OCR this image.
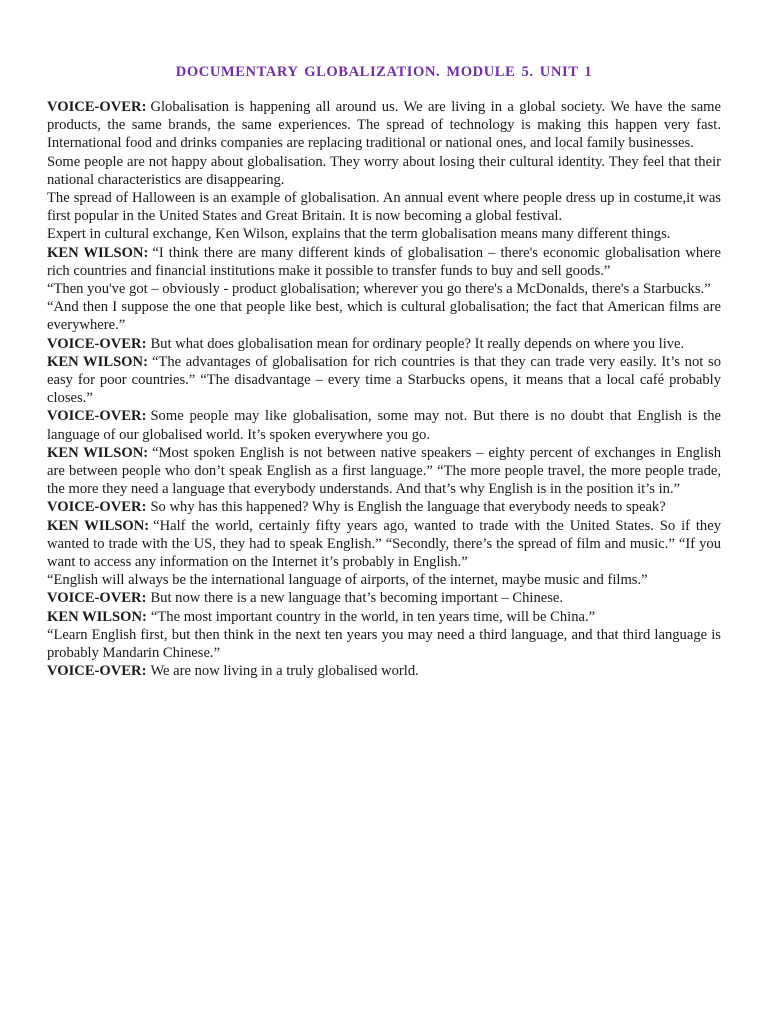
DOCUMENTARY GLOBALIZATION. MODULE 5. UNIT 1

VOICE-OVER: Globalisation is happening all around us. We are living in a global society. We have the same products, the same brands, the same experiences. The spread of technology is making this happen very fast. International food and drinks companies are replacing traditional or national ones, and local family businesses.

Some people are not happy about globalisation. They worry about losing their cultural identity. They feel that their national characteristics are disappearing.

The spread of Halloween is an example of globalisation. An annual event where people dress up in costume,it was first popular in the United States and Great Britain. It is now becoming a global festival.

Expert in cultural exchange, Ken Wilson, explains that the term globalisation means many different things.

KEN WILSON: “I think there are many different kinds of globalisation – there's economic globalisation where rich countries and financial institutions make it possible to transfer funds to buy and sell goods.”

“Then you've got – obviously - product globalisation; wherever you go there's a McDonalds, there's a Starbucks.”

“And then I suppose the one that people like best, which is cultural globalisation; the fact that American films are everywhere.”

VOICE-OVER: But what does globalisation mean for ordinary people? It really depends on where you live.

KEN WILSON: “The advantages of globalisation for rich countries is that they can trade very easily. It’s not so easy for poor countries.” “The disadvantage – every time a Starbucks opens, it means that a local café probably closes.”

VOICE-OVER: Some people may like globalisation, some may not. But there is no doubt that English is the language of our globalised world. It’s spoken everywhere you go.

KEN WILSON: “Most spoken English is not between native speakers – eighty percent of exchanges in English are between people who don’t speak English as a first language.” “The more people travel, the more people trade, the more they need a language that everybody understands. And that’s why English is in the position it’s in.”

VOICE-OVER: So why has this happened? Why is English the language that everybody needs to speak?

KEN WILSON: “Half the world, certainly fifty years ago, wanted to trade with the United States. So if they wanted to trade with the US, they had to speak English.” “Secondly, there’s the spread of film and music.” “If you want to access any information on the Internet it’s probably in English.”

“English will always be the international language of airports, of the internet, maybe music and films.”

VOICE-OVER: But now there is a new language that’s becoming important – Chinese.

KEN WILSON: “The most important country in the world, in ten years time, will be China.”

“Learn English first, but then think in the next ten years you may need a third language, and that third language is probably Mandarin Chinese.”

VOICE-OVER: We are now living in a truly globalised world.
